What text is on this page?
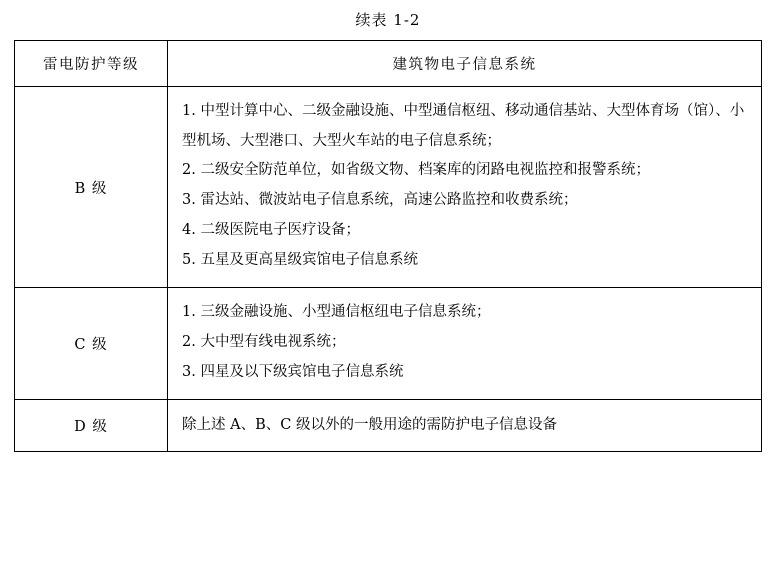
续表 1-2
雷电防护等级	建筑物电子信息系统
B 级	1. 中型计算中心、二级金融设施、中型通信枢纽、移动通信基站、大型体育场（馆）、小型机场、大型港口、大型火车站的电子信息系统；
2. 二级安全防范单位，如省级文物、档案库的闭路电视监控和报警系统；
3. 雷达站、微波站电子信息系统，高速公路监控和收费系统；
4. 二级医院电子医疗设备；
5. 五星及更高星级宾馆电子信息系统

C 级	1. 三级金融设施、小型通信枢纽电子信息系统；
2. 大中型有线电视系统；
3. 四星及以下级宾馆电子信息系统

D 级	除上述 A、B、C 级以外的一般用途的需防护电子信息设备
